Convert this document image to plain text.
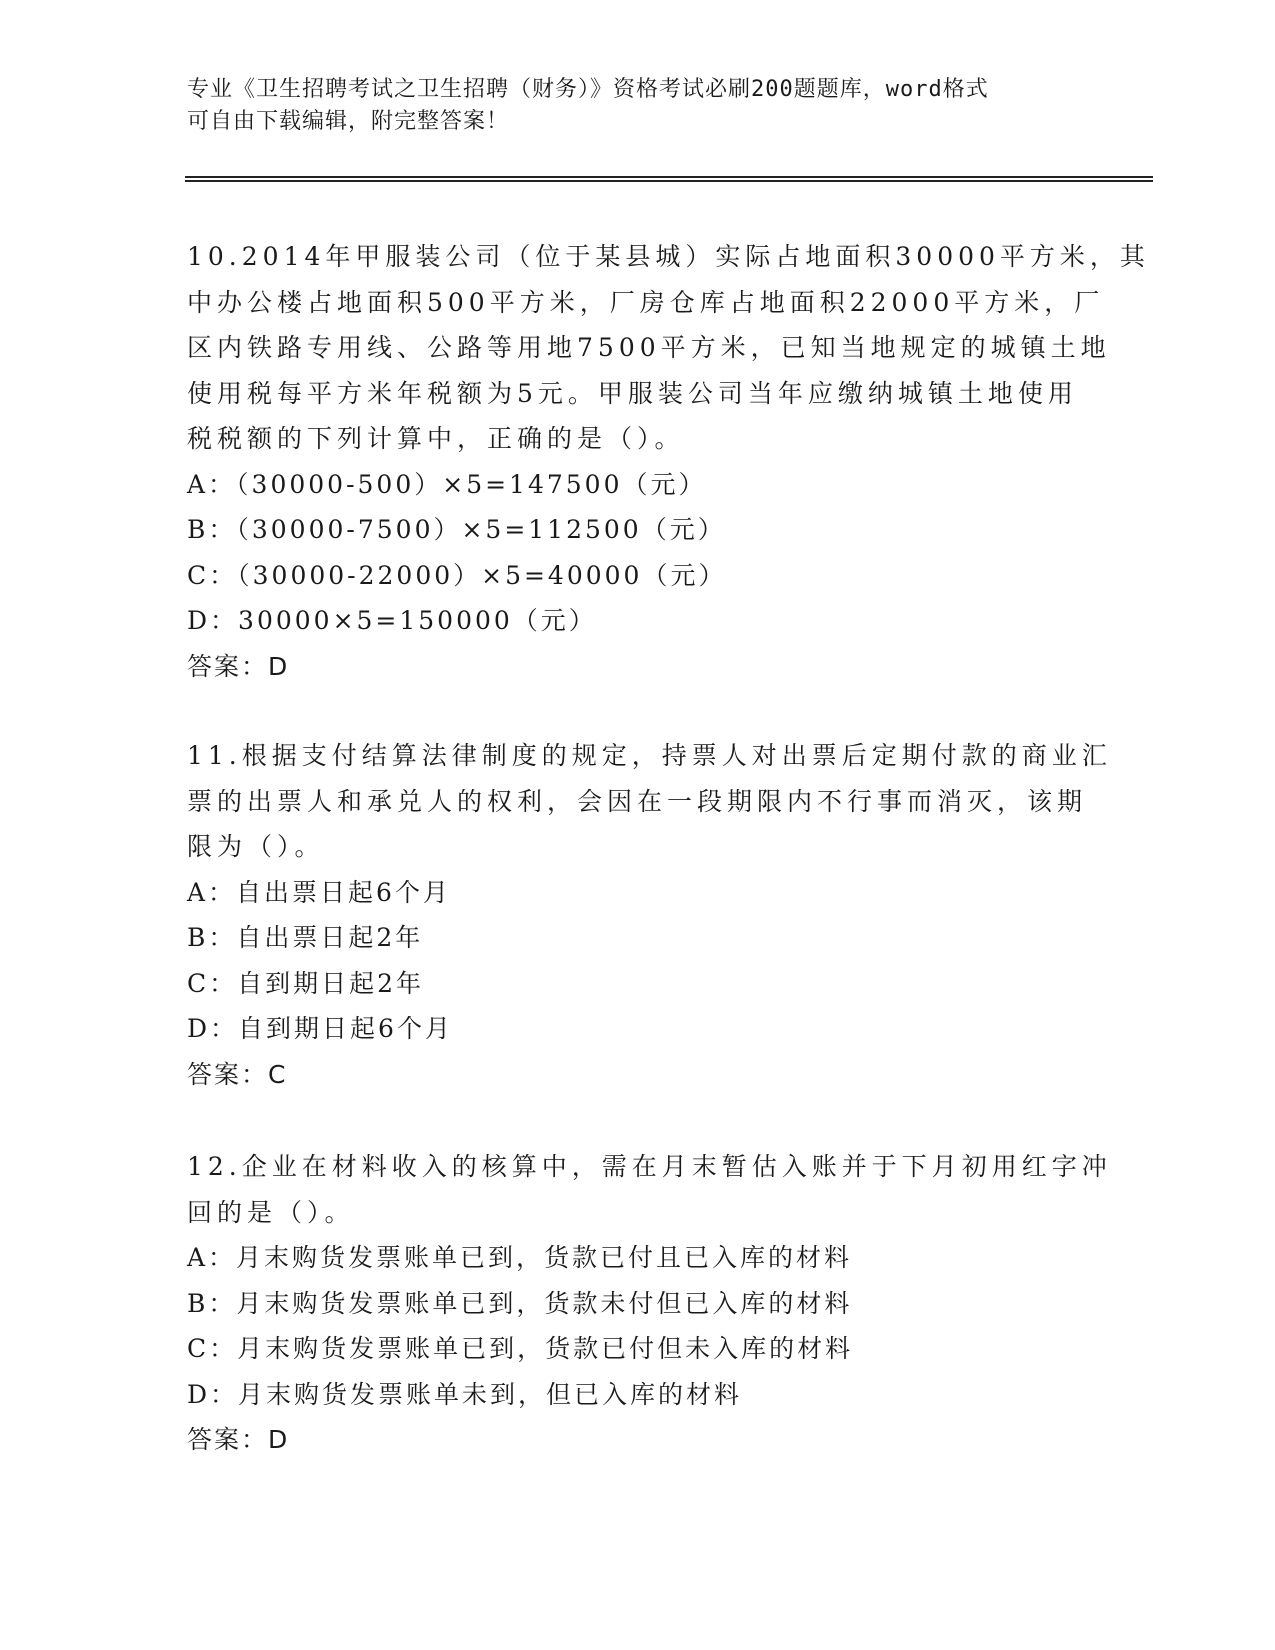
专业《卫生招聘考试之卫生招聘（财务）》资格考试必刷200题题库，word格式
可自由下载编辑，附完整答案！
10.2014年甲服装公司（位于某县城）实际占地面积30000平方米，其
中办公楼占地面积500平方米，厂房仓库占地面积22000平方米，厂
区内铁路专用线、公路等用地7500平方米，已知当地规定的城镇土地
使用税每平方米年税额为5元。甲服装公司当年应缴纳城镇土地使用
税税额的下列计算中，正确的是（）。
A：（30000-500）×5=147500（元）
B：（30000-7500）×5=112500（元）
C：（30000-22000）×5=40000（元）
D：30000×5=150000（元）
答案：D
11.根据支付结算法律制度的规定，持票人对出票后定期付款的商业汇
票的出票人和承兑人的权利，会因在一段期限内不行事而消灭，该期
限为（）。
A：自出票日起6个月
B：自出票日起2年
C：自到期日起2年
D：自到期日起6个月
答案：C
12.企业在材料收入的核算中，需在月末暂估入账并于下月初用红字冲
回的是（）。
A：月末购货发票账单已到，货款已付且已入库的材料
B：月末购货发票账单已到，货款未付但已入库的材料
C：月末购货发票账单已到，货款已付但未入库的材料
D：月末购货发票账单未到，但已入库的材料
答案：D
